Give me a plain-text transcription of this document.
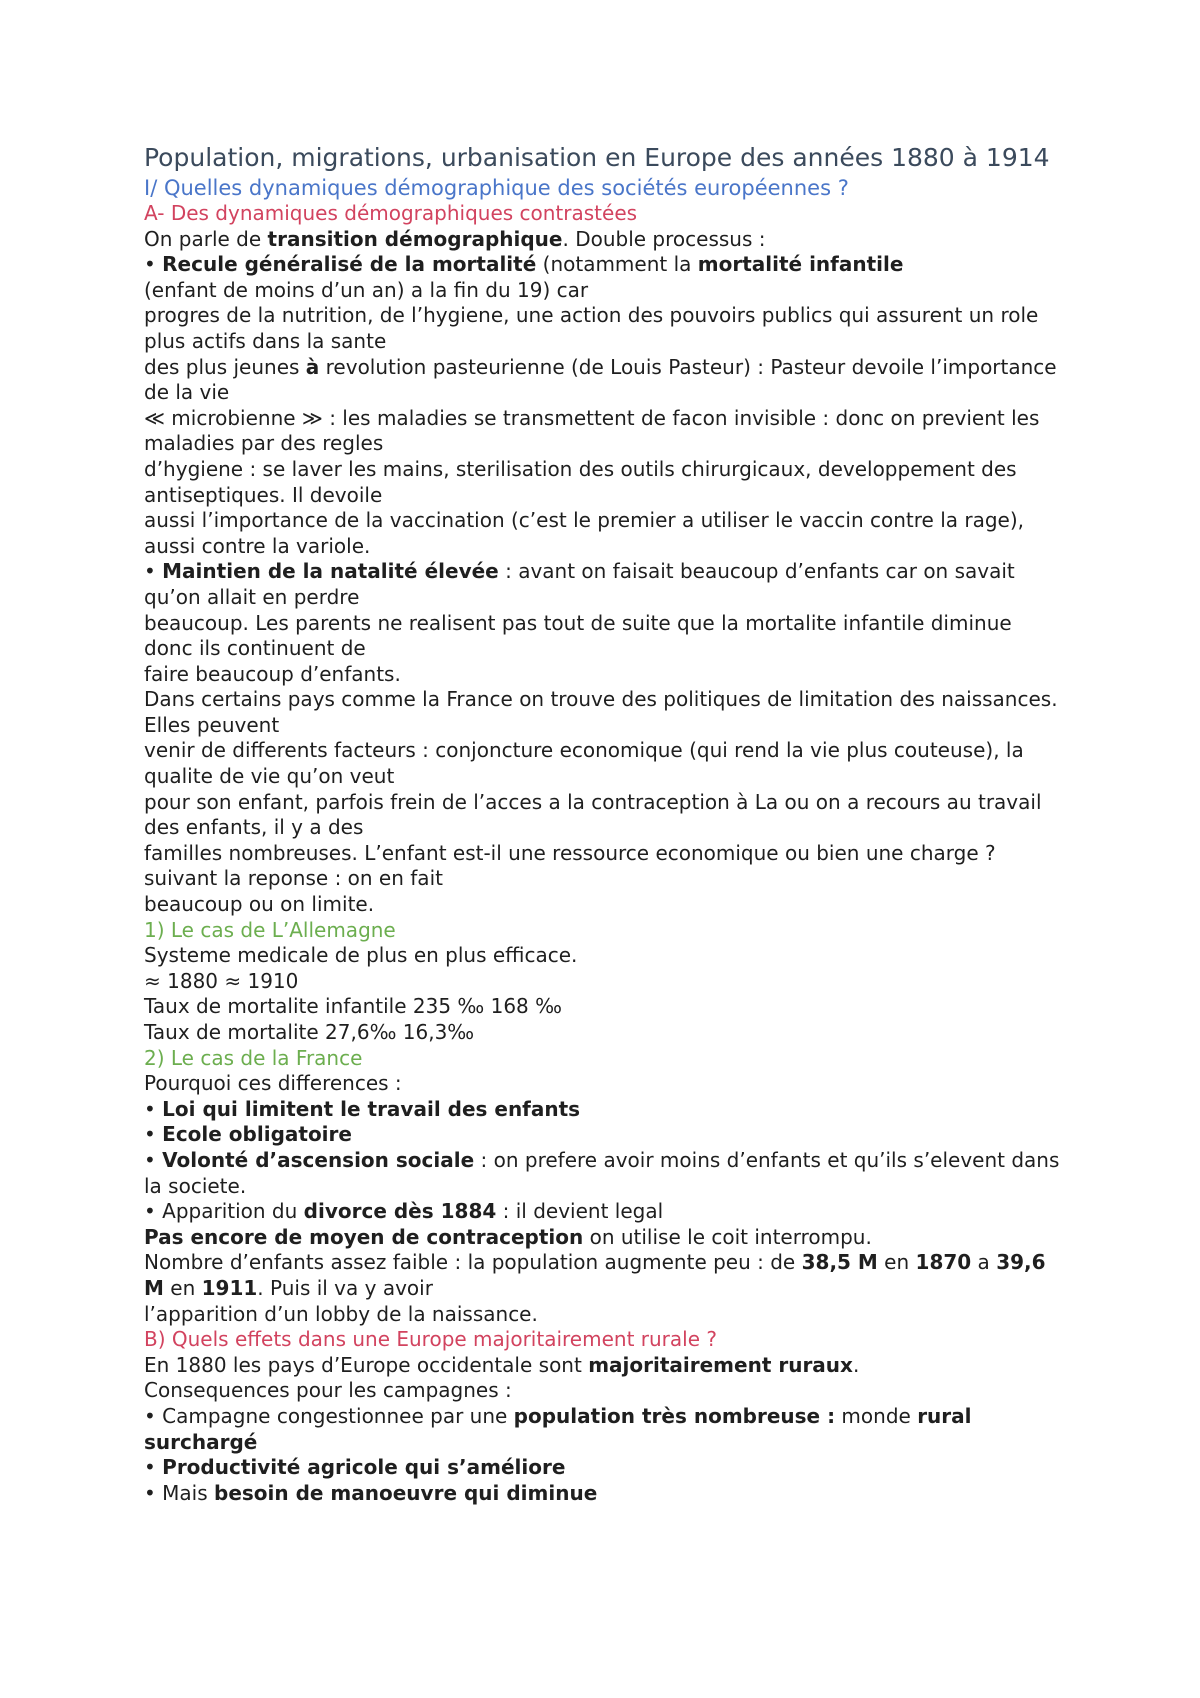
Population, migrations, urbanisation en Europe des années 1880 à 1914
I/ Quelles dynamiques démographique des sociétés européennes ?
A- Des dynamiques démographiques contrastées
On parle de transition démographique. Double processus :
• Recule généralisé de la mortalité (notamment la mortalité infantile
(enfant de moins d’un an) a la fin du 19) car
progres de la nutrition, de l’hygiene, une action des pouvoirs publics qui assurent un role plus actifs dans la sante
des plus jeunes à revolution pasteurienne (de Louis Pasteur) : Pasteur devoile l’importance de la vie
≪ microbienne ≫ : les maladies se transmettent de facon invisible : donc on previent les maladies par des regles
d’hygiene : se laver les mains, sterilisation des outils chirurgicaux, developpement des antiseptiques. Il devoile
aussi l’importance de la vaccination (c’est le premier a utiliser le vaccin contre la rage), aussi contre la variole.
• Maintien de la natalité élevée : avant on faisait beaucoup d’enfants car on savait qu’on allait en perdre
beaucoup. Les parents ne realisent pas tout de suite que la mortalite infantile diminue donc ils continuent de
faire beaucoup d’enfants.
Dans certains pays comme la France on trouve des politiques de limitation des naissances. Elles peuvent
venir de differents facteurs : conjoncture economique (qui rend la vie plus couteuse), la qualite de vie qu’on veut
pour son enfant, parfois frein de l’acces a la contraception à La ou on a recours au travail des enfants, il y a des
familles nombreuses. L’enfant est-il une ressource economique ou bien une charge ? suivant la reponse : on en fait
beaucoup ou on limite.
1) Le cas de L’Allemagne
Systeme medicale de plus en plus efficace.
≈ 1880 ≈ 1910
Taux de mortalite infantile 235 ‰ 168 ‰
Taux de mortalite 27,6‰ 16,3‰
2) Le cas de la France
Pourquoi ces differences :
• Loi qui limitent le travail des enfants
• Ecole obligatoire
• Volonté d’ascension sociale : on prefere avoir moins d’enfants et qu’ils s’elevent dans la societe.
• Apparition du divorce dès 1884 : il devient legal
Pas encore de moyen de contraception on utilise le coit interrompu.
Nombre d’enfants assez faible : la population augmente peu : de 38,5 M en 1870 a 39,6 M en 1911. Puis il va y avoir
l’apparition d’un lobby de la naissance.
B) Quels effets dans une Europe majoritairement rurale ?
En 1880 les pays d’Europe occidentale sont majoritairement ruraux.
Consequences pour les campagnes :
• Campagne congestionnee par une population très nombreuse : monde rural surchargé
• Productivité agricole qui s’améliore
• Mais besoin de manoeuvre qui diminue
